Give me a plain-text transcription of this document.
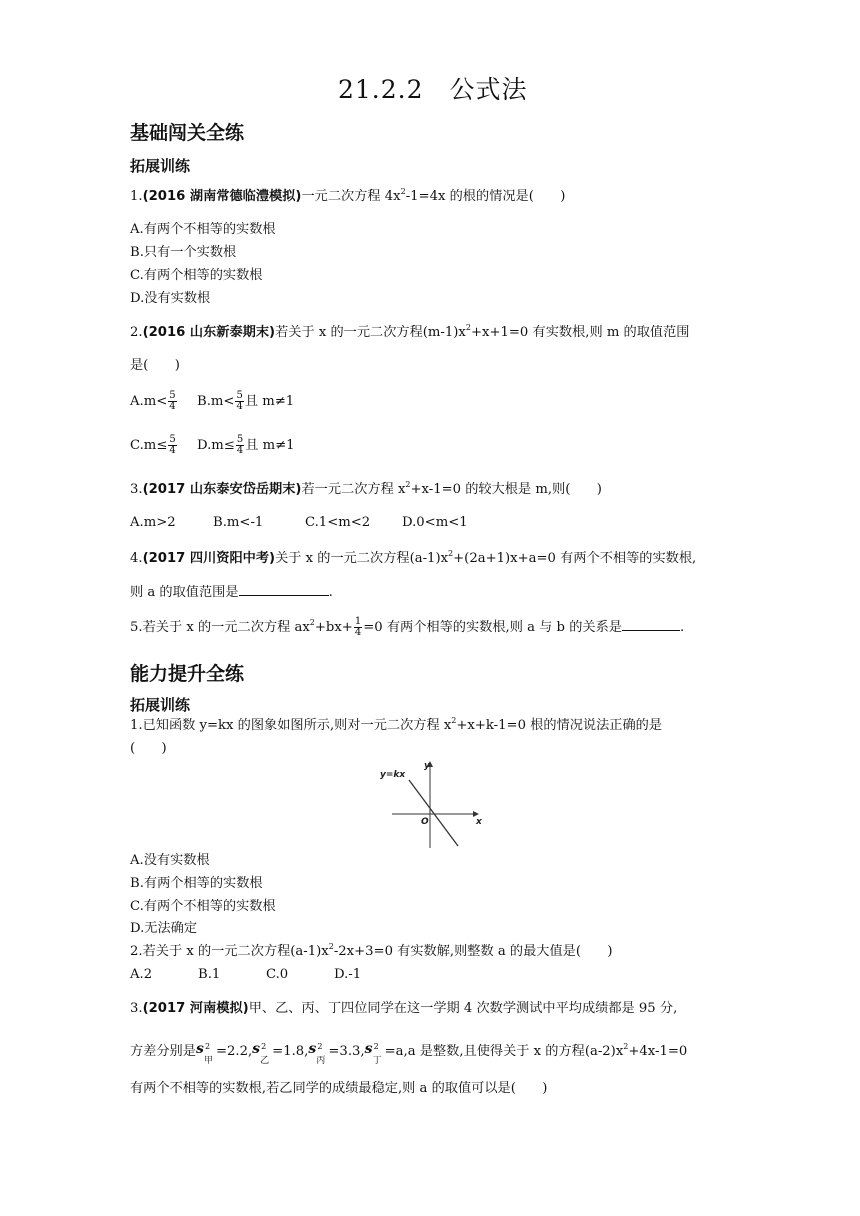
21.2.2　公式法
基础闯关全练
拓展训练
1.(2016 湖南常德临澧模拟)一元二次方程 $4x^2-1=4x$ 的根的情况是(　　)
A.有两个不相等的实数根
B.只有一个实数根
C.有两个相等的实数根
D.没有实数根
2.(2016 山东新泰期末)若关于 x 的一元二次方程$(m-1)x^2+x+1=0$ 有实数根,则 m 的取值范围
是(　　)
$A.m< \frac{5}{4} B.m< \frac{5}{4}$ 且 m≠1
$C.m\le \frac{5}{4} D.m\le \frac{5}{4}$ 且 m≠1
3.(2017 山东泰安岱岳期末)若一元二次方程 $x^2+x-1=0$ 的较大根是 m,则(　　)
A.m>2	B.m<-1	C.1<m<2 D.0<m<1
4.(2017 四川资阳中考)关于 x 的一元二次方程$(a-1)x^2+(2a+1)x+a=0$ 有两个不相等的实数根,
则 a 的取值范围是	.
5.若关于 x 的一元二次方程 $ax^2+bx+ \frac{1}{4} =0$ 有两个相等的实数根,则 a 与 b 的关系是	.
能力提升全练
拓展训练
1.已知函数 y=kx 的图象如图所示,则对一元二次方程 $x^2+x+k-1=0$ 根的情况说法正确的是
(　　)
y=kx
y
x
O
A.没有实数根
B.有两个相等的实数根
C.有两个不相等的实数根
D.无法确定
2.若关于 x 的一元二次方程$(a-1)x^2-2x+3=0$ 有实数解,则整数 a 的最大值是(　　)
A.2	B.1	C.0	D.-1
3.(2017 河南模拟)甲、乙、丙、丁四位同学在这一学期 4 次数学测试中平均成绩都是 95 分,
方差分别是 s 2
甲
=2.2, s 2
乙
=1.8, s 2
丙
=3.3, s 2
丁
=a,a 是整数,且使得关于 x 的方程$(a-2)x^2+4x-1=0$
有两个不相等的实数根,若乙同学的成绩最稳定,则 a 的取值可以是(　　)
